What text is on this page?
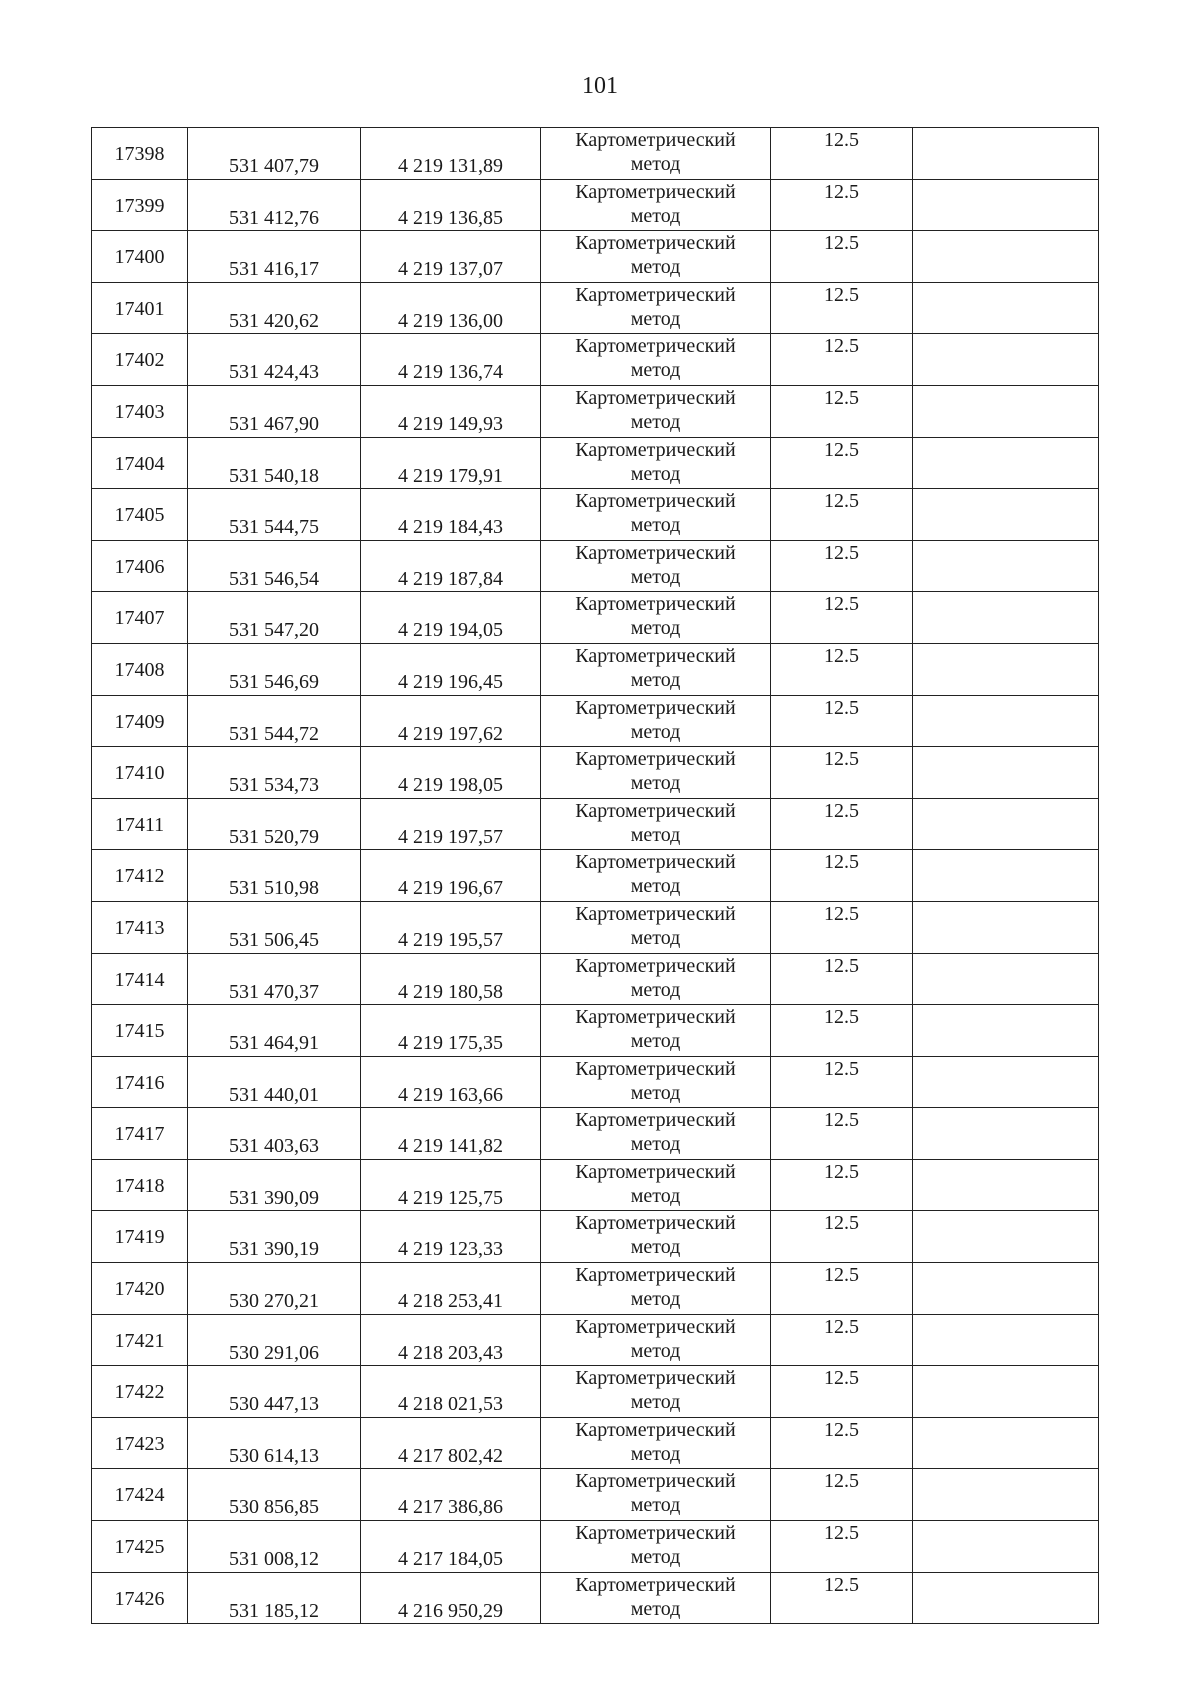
101
17398	531 407,79	4 219 131,89	Картометрический
метод	12.5	

17399	531 412,76	4 219 136,85	Картометрический
метод	12.5	

17400	531 416,17	4 219 137,07	Картометрический
метод	12.5	

17401	531 420,62	4 219 136,00	Картометрический
метод	12.5	

17402	531 424,43	4 219 136,74	Картометрический
метод	12.5	

17403	531 467,90	4 219 149,93	Картометрический
метод	12.5	

17404	531 540,18	4 219 179,91	Картометрический
метод	12.5	

17405	531 544,75	4 219 184,43	Картометрический
метод	12.5	

17406	531 546,54	4 219 187,84	Картометрический
метод	12.5	

17407	531 547,20	4 219 194,05	Картометрический
метод	12.5	

17408	531 546,69	4 219 196,45	Картометрический
метод	12.5	

17409	531 544,72	4 219 197,62	Картометрический
метод	12.5	

17410	531 534,73	4 219 198,05	Картометрический
метод	12.5	

17411	531 520,79	4 219 197,57	Картометрический
метод	12.5	

17412	531 510,98	4 219 196,67	Картометрический
метод	12.5	

17413	531 506,45	4 219 195,57	Картометрический
метод	12.5	

17414	531 470,37	4 219 180,58	Картометрический
метод	12.5	

17415	531 464,91	4 219 175,35	Картометрический
метод	12.5	

17416	531 440,01	4 219 163,66	Картометрический
метод	12.5	

17417	531 403,63	4 219 141,82	Картометрический
метод	12.5	

17418	531 390,09	4 219 125,75	Картометрический
метод	12.5	

17419	531 390,19	4 219 123,33	Картометрический
метод	12.5	

17420	530 270,21	4 218 253,41	Картометрический
метод	12.5	

17421	530 291,06	4 218 203,43	Картометрический
метод	12.5	

17422	530 447,13	4 218 021,53	Картометрический
метод	12.5	

17423	530 614,13	4 217 802,42	Картометрический
метод	12.5	

17424	530 856,85	4 217 386,86	Картометрический
метод	12.5	

17425	531 008,12	4 217 184,05	Картометрический
метод	12.5	

17426	531 185,12	4 216 950,29	Картометрический
метод	12.5	
